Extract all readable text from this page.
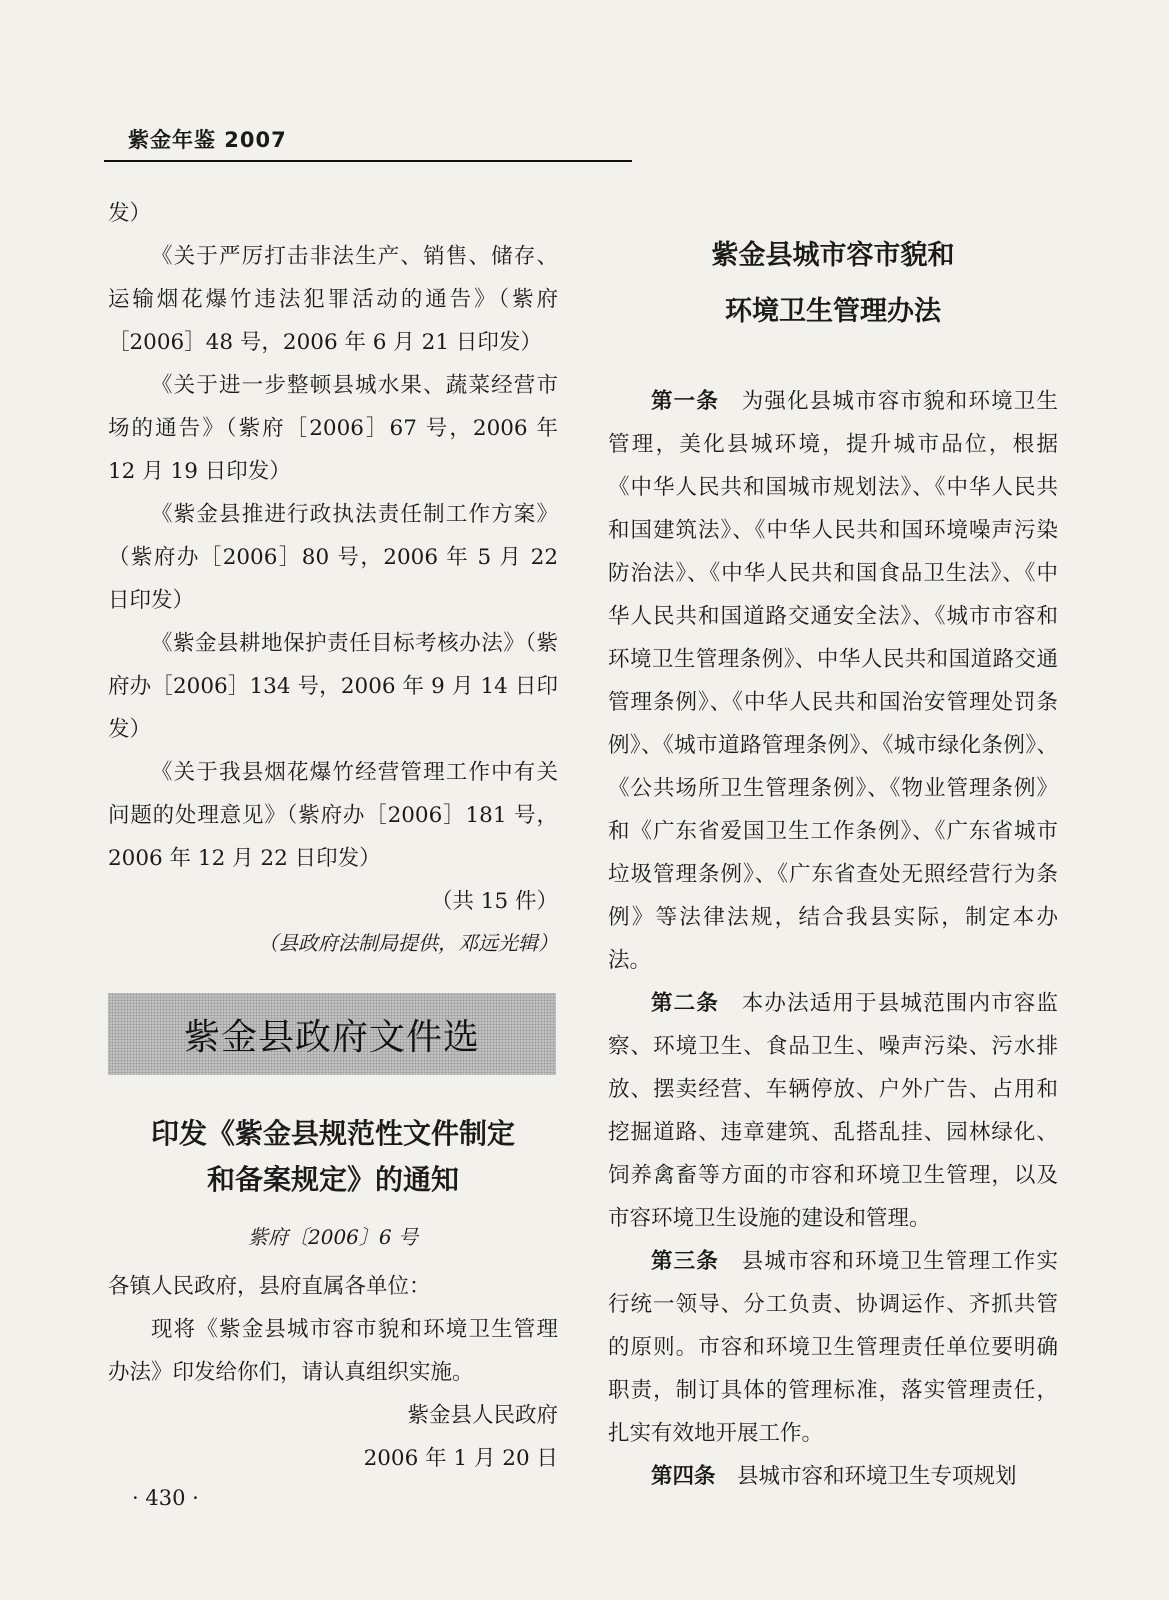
紫金年鉴 2007

发）

《关于严厉打击非法生产、销售、储存、运输烟花爆竹违法犯罪活动的通告》（紫府［2006］48 号，2006 年 6 月 21 日印发）

《关于进一步整顿县城水果、蔬菜经营市场的通告》（紫府［2006］67 号，2006 年 12 月 19 日印发）

《紫金县推进行政执法责任制工作方案》（紫府办［2006］80 号，2006 年 5 月 22 日印发）

《紫金县耕地保护责任目标考核办法》（紫府办［2006］134 号，2006 年 9 月 14 日印发）

《关于我县烟花爆竹经营管理工作中有关问题的处理意见》（紫府办［2006］181 号，2006 年 12 月 22 日印发）

（共 15 件）

（县政府法制局提供，邓远光辑）

紫金县政府文件选
印发《紫金县规范性文件制定
和备案规定》的通知

紫府〔2006〕6 号

各镇人民政府，县府直属各单位：

现将《紫金县城市容市貌和环境卫生管理办法》印发给你们，请认真组织实施。

紫金县人民政府

2006 年 1 月 20 日

紫金县城市容市貌和
环境卫生管理办法

第一条　 为强化县城市容市貌和环境卫生管理，美化县城环境，提升城市品位，根据《中华人民共和国城市规划法》、《中华人民共和国建筑法》、《中华人民共和国环境噪声污染防治法》、《中华人民共和国食品卫生法》、《中华人民共和国道路交通安全法》、《城市市容和环境卫生管理条例》、中华人民共和国道路交通管理条例》、《中华人民共和国治安管理处罚条例》、《城市道路管理条例》、《城市绿化条例》、《公共场所卫生管理条例》、《物业管理条例》和《广东省爱国卫生工作条例》、《广东省城市垃圾管理条例》、《广东省查处无照经营行为条例》等法律法规，结合我县实际，制定本办法。

第二条　 本办法适用于县城范围内市容监察、环境卫生、食品卫生、噪声污染、污水排放、摆卖经营、车辆停放、户外广告、占用和挖掘道路、违章建筑、乱搭乱挂、园林绿化、饲养禽畜等方面的市容和环境卫生管理，以及市容环境卫生设施的建设和管理。

第三条　 县城市容和环境卫生管理工作实行统一领导、分工负责、协调运作、齐抓共管的原则。市容和环境卫生管理责任单位要明确职责，制订具体的管理标准，落实管理责任，扎实有效地开展工作。

第四条　 县城市容和环境卫生专项规划

· 430 ·
